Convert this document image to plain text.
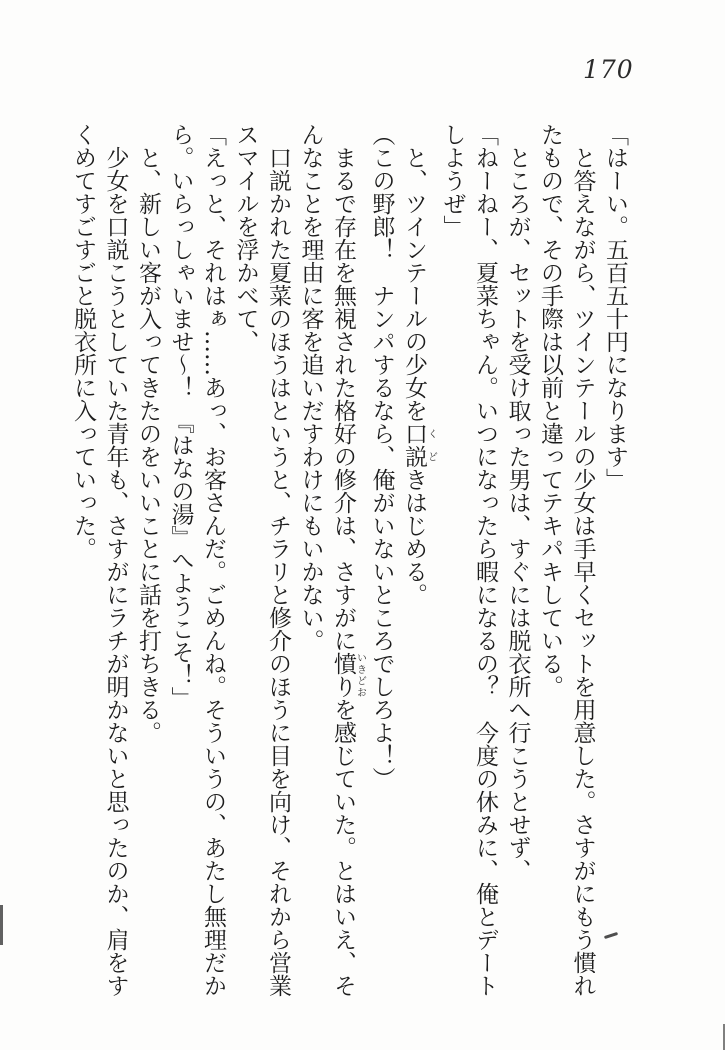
170

「はーい。五百五十円になります」

と答えながら、ツインテールの少女は手早くセットを用意した。さすがにもう慣れたもので、その手際は以前と違ってテキパキしている。

ところが、セットを受け取った男は、すぐには脱衣所へ行こうとせず、

「ねーねー、夏菜ちゃん。いつになったら暇になるの？　今度の休みに、俺とデートしようぜ」

と、ツインテールの少女を口説くどきはじめる。

（この野郎！　ナンパするなら、俺がいないところでしろよ！）

まるで存在を無視された格好の修介は、さすがに憤りいきどおを感じていた。とはいえ、そんなことを理由に客を追いだすわけにもいかない。

口説かれた夏菜のほうはというと、チラリと修介のほうに目を向け、それから営業スマイルを浮かべて、

「えっと、それはぁ……あっ、お客さんだ。ごめんね。そういうの、あたし無理だから。いらっしゃいませ～！　『はなの湯』へようこそ！」

と、新しい客が入ってきたのをいいことに話を打ちきる。

少女を口説こうとしていた青年も、さすがにラチが明かないと思ったのか、肩をすくめてすごすごと脱衣所に入っていった。
